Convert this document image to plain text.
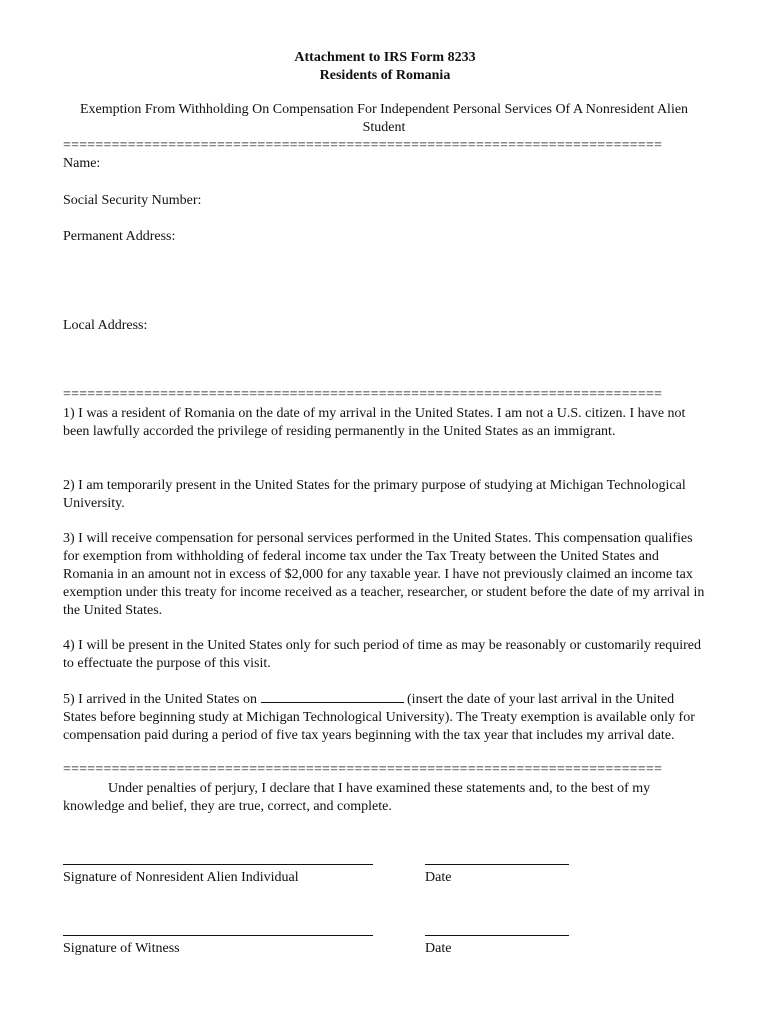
Attachment to IRS Form 8233
Residents of Romania
Exemption From Withholding On Compensation For Independent Personal Services Of A Nonresident Alien Student
==========================================================================
Name:
Social Security Number:
Permanent Address:
Local Address:
==========================================================================
1) I was a resident of Romania on the date of my arrival in the United States. I am not a U.S. citizen. I have not been lawfully accorded the privilege of residing permanently in the United States as an immigrant.
2) I am temporarily present in the United States for the primary purpose of studying at Michigan Technological University.
3) I will receive compensation for personal services performed in the United States. This compensation qualifies for exemption from withholding of federal income tax under the Tax Treaty between the United States and Romania in an amount not in excess of $2,000 for any taxable year. I have not previously claimed an income tax exemption under this treaty for income received as a teacher, researcher, or student before the date of my arrival in the United States.
4) I will be present in the United States only for such period of time as may be reasonably or customarily required to effectuate the purpose of this visit.
5) I arrived in the United States on	(insert the date of your last arrival in the United States before beginning study at Michigan Technological University). The Treaty exemption is available only for compensation paid during a period of five tax years beginning with the tax year that includes my arrival date.
==========================================================================
Under penalties of perjury, I declare that I have examined these statements and, to the best of my knowledge and belief, they are true, correct, and complete.
Signature of Nonresident Alien Individual	Date
Signature of Witness	Date
